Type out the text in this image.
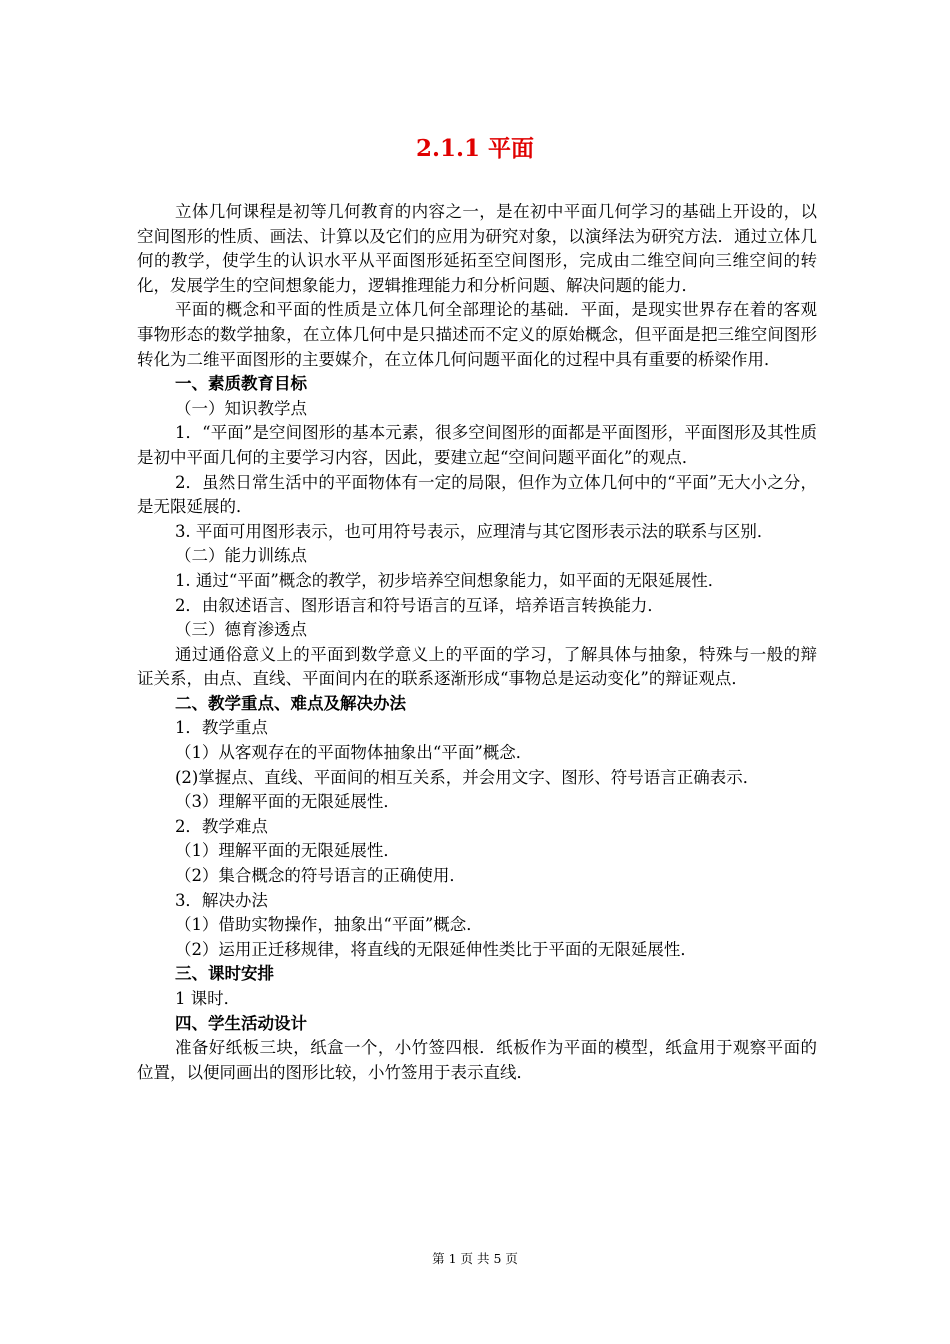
2.1.1 平面

立体几何课程是初等几何教育的内容之一，是在初中平面几何学习的基础上开设的，以空间图形的性质、画法、计算以及它们的应用为研究对象，以演绎法为研究方法．通过立体几何的教学，使学生的认识水平从平面图形延拓至空间图形，完成由二维空间向三维空间的转化，发展学生的空间想象能力，逻辑推理能力和分析问题、解决问题的能力．

平面的概念和平面的性质是立体几何全部理论的基础．平面，是现实世界存在着的客观事物形态的数学抽象，在立体几何中是只描述而不定义的原始概念，但平面是把三维空间图形转化为二维平面图形的主要媒介，在立体几何问题平面化的过程中具有重要的桥梁作用．

一、素质教育目标

（一）知识教学点

1．“平面”是空间图形的基本元素，很多空间图形的面都是平面图形，平面图形及其性质是初中平面几何的主要学习内容，因此，要建立起“空间问题平面化”的观点．

2．虽然日常生活中的平面物体有一定的局限，但作为立体几何中的“平面”无大小之分，是无限延展的．

3. 平面可用图形表示，也可用符号表示，应理清与其它图形表示法的联系与区别．

（二）能力训练点

1. 通过“平面”概念的教学，初步培养空间想象能力，如平面的无限延展性．

2．由叙述语言、图形语言和符号语言的互译，培养语言转换能力．

（三）德育渗透点

通过通俗意义上的平面到数学意义上的平面的学习，了解具体与抽象，特殊与一般的辩证关系，由点、直线、平面间内在的联系逐渐形成“事物总是运动变化”的辩证观点．

二、教学重点、难点及解决办法

1．教学重点

（1）从客观存在的平面物体抽象出“平面”概念．

(2)掌握点、直线、平面间的相互关系，并会用文字、图形、符号语言正确表示．

（3）理解平面的无限延展性．

2．教学难点

（1）理解平面的无限延展性．

（2）集合概念的符号语言的正确使用．

3．解决办法

（1）借助实物操作，抽象出“平面”概念．

（2）运用正迁移规律，将直线的无限延伸性类比于平面的无限延展性．

三、课时安排

1 课时．

四、学生活动设计

准备好纸板三块，纸盒一个，小竹签四根．纸板作为平面的模型，纸盒用于观察平面的位置，以便同画出的图形比较，小竹签用于表示直线．

第 1 页 共 5 页
